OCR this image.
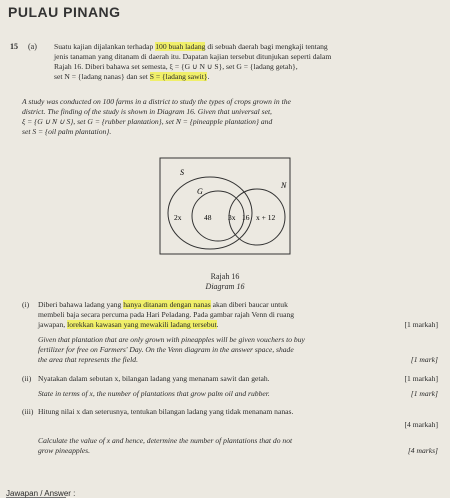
PULAU PINANG
15 (a) Suatu kajian dijalankan terhadap 100 buah ladang di sebuah daerah bagi mengkaji tentang
jenis tanaman yang ditanam di daerah itu. Dapatan kajian tersebut ditunjukan seperti dalam
Rajah 16. Diberi bahawa set semesta, ξ = {G ∪ N ∪ S}, set G = {ladang getah},
set N = {ladang nanas} dan set S = {ladang sawit}.
A study was conducted on 100 farms in a district to study the types of crops grown in the
district. The finding of the study is shown in Diagram 16. Given that universal set,
ξ = {G ∪ N ∪ S}, set G = {rubber plantation}, set N = {pineapple plantation} and
set S = {oil palm plantation}.
S
G
N
2x	48 3x 16 x + 12
Rajah 16
Diagram 16
(i) Diberi bahawa ladang yang hanya ditanam dengan nanas akan diberi baucar untuk
membeli baja secara percuma pada Hari Peladang. Pada gambar rajah Venn di ruang
jawapan, lorekkan kawasan yang mewakili ladang tersebut.	[1 markah]
Given that plantation that are only grown with pineapples will be given vouchers to buy
fertilizer for free on Farmers' Day. On the Venn diagram in the answer space, shade
the area that represents the field.	[1 mark]
(ii) Nyatakan dalam sebutan x, bilangan ladang yang menanam sawit dan getah.	[1 markah]
State in terms of x, the number of plantations that grow palm oil and rubber.	[1 mark]
(iii) Hitung nilai x dan seterusnya, tentukan bilangan ladang yang tidak menanam nanas.
[4 markah]
Calculate the value of x and hence, determine the number of plantations that do not
grow pineapples.	[4 marks]
Jawapan / Answer :
